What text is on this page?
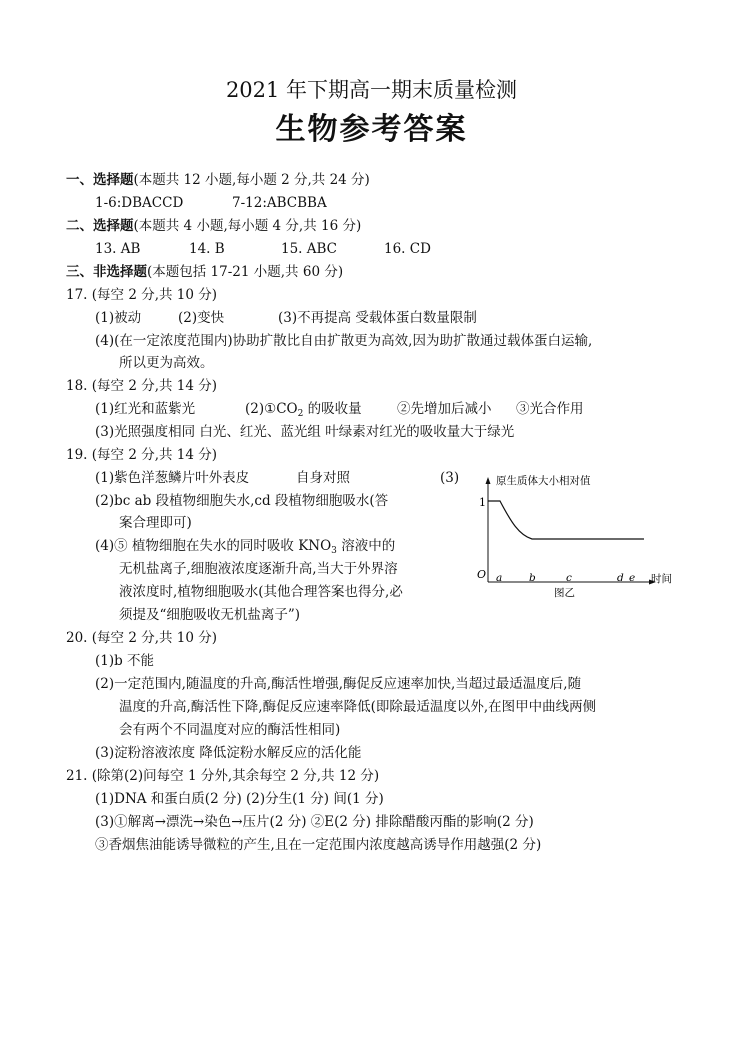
2021 年下期高一期末质量检测
生物参考答案
一、选择题(本题共 12 小题,每小题 2 分,共 24 分)
1-6:DBACCD	7-12:ABCBBA
二、选择题(本题共 4 小题,每小题 4 分,共 16 分)
13. AB	14. B	15. ABC	16. CD
三、非选择题(本题包括 17-21 小题,共 60 分)
17. (每空 2 分,共 10 分)
(1)被动	(2)变快	(3)不再提高 受载体蛋白数量限制
(4)(在一定浓度范围内)协助扩散比自由扩散更为高效,因为助扩散通过载体蛋白运输,
所以更为高效。
18. (每空 2 分,共 14 分)
(1)红光和蓝紫光	$(2)①CO_2$ 的吸收量	②先增加后减小 ③光合作用
(3)光照强度相同 白光、红光、蓝光组 叶绿素对红光的吸收量大于绿光
19. (每空 2 分,共 14 分)
(1)紫色洋葱鳞片叶外表皮	自身对照	(3)
(2)bc ab 段植物细胞失水,cd 段植物细胞吸水(答
案合理即可)
(4)⑤ 植物细胞在失水的同时吸收 $KNO_3$ 溶液中的
无机盐离子,细胞液浓度逐渐升高,当大于外界溶
液浓度时,植物细胞吸水(其他合理答案也得分,必
须提及“细胞吸收无机盐离子”)
原生质体大小相对值
1
O a	b	c	d e 时间
图乙
20. (每空 2 分,共 10 分)
(1)b 不能
(2)一定范围内,随温度的升高,酶活性增强,酶促反应速率加快,当超过最适温度后,随
温度的升高,酶活性下降,酶促反应速率降低(即除最适温度以外,在图甲中曲线两侧
会有两个不同温度对应的酶活性相同)
(3)淀粉溶液浓度 降低淀粉水解反应的活化能
21. (除第(2)问每空 1 分外,其余每空 2 分,共 12 分)
(1)DNA 和蛋白质(2 分) (2)分生(1 分) 间(1 分)
(3)①解离→漂洗→染色→压片(2 分) ②E(2 分) 排除醋酸丙酯的影响(2 分)
③香烟焦油能诱导微粒的产生,且在一定范围内浓度越高诱导作用越强(2 分)
